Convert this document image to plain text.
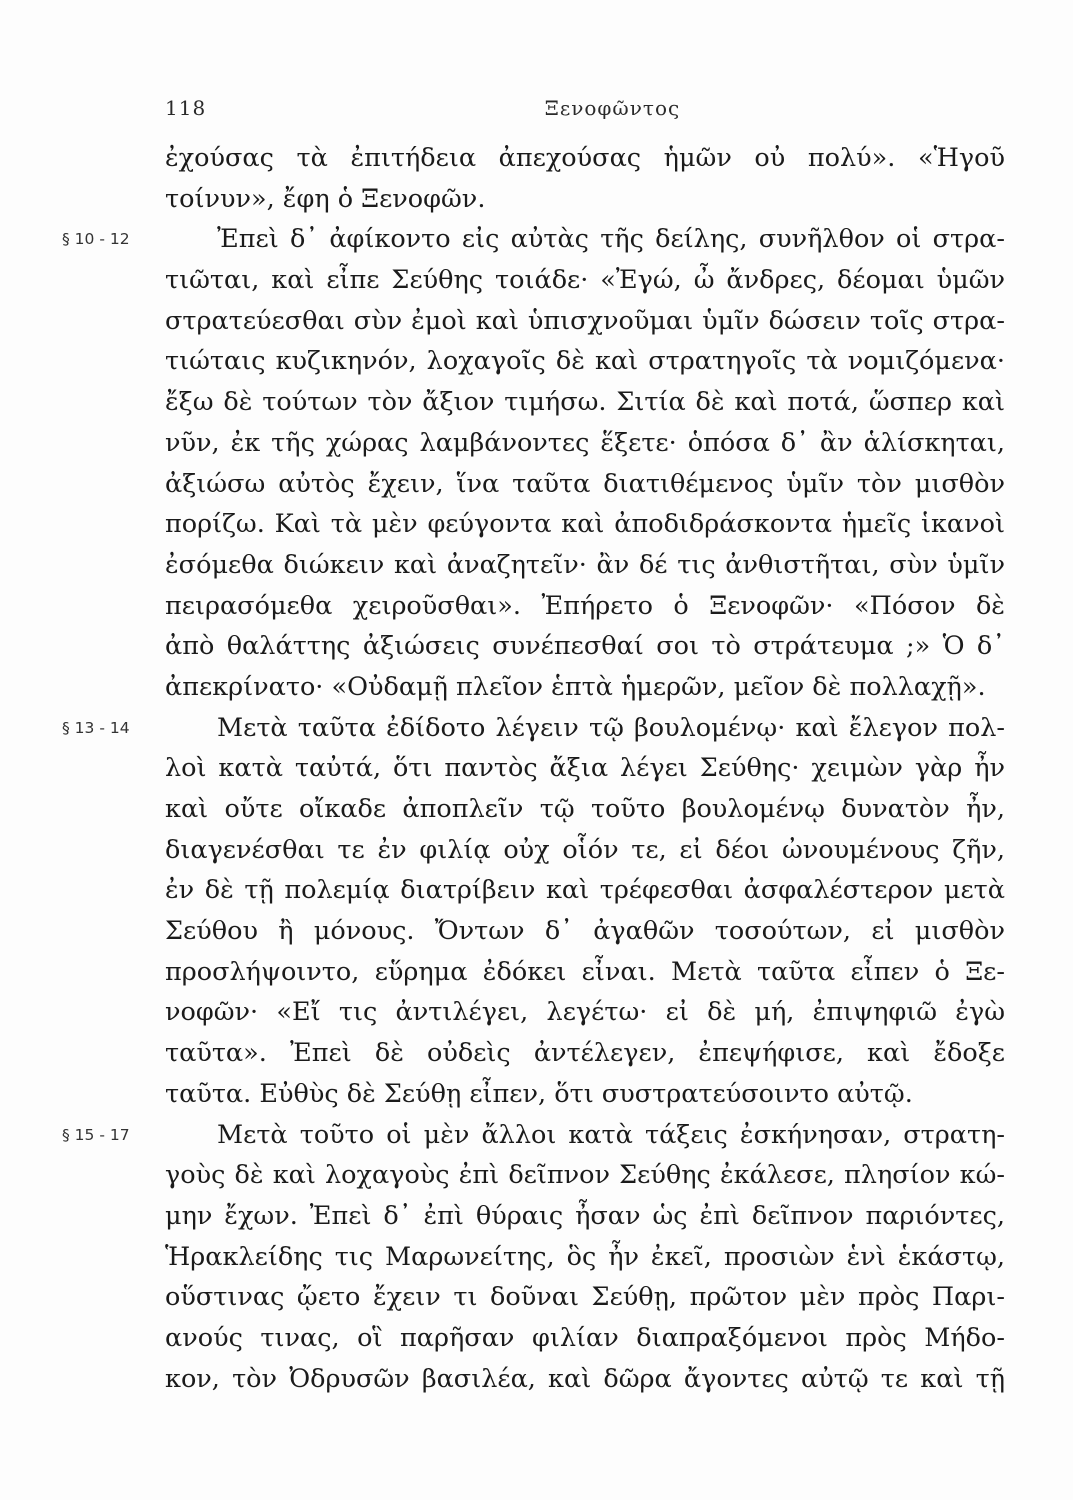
118	Ξενοφῶντος
ἐχούσας τὰ ἐπιτήδεια ἀπεχούσας ἡμῶν οὐ πολύ». «Ἡγοῦ
τοίνυν», ἔφη ὁ Ξενοφῶν.
§ 10 - 12	Ἐπεὶ δ᾽ ἀφίκοντο εἰς αὐτὰς τῆς δείλης, συνῆλθον οἱ στρα-
τιῶται, καὶ εἶπε Σεύθης τοιάδε· «Ἐγώ, ὦ ἄνδρες, δέομαι ὑμῶν
στρατεύεσθαι σὺν ἐμοὶ καὶ ὑπισχνοῦμαι ὑμῖν δώσειν τοῖς στρα-
τιώταις κυζικηνόν, λοχαγοῖς δὲ καὶ στρατηγοῖς τὰ νομιζόμενα·
ἔξω δὲ τούτων τὸν ἄξιον τιμήσω. Σιτία δὲ καὶ ποτά, ὥσπερ καὶ
νῦν, ἐκ τῆς χώρας λαμβάνοντες ἕξετε· ὁπόσα δ᾽ ἂν ἁλίσκηται,
ἀξιώσω αὐτὸς ἔχειν, ἵνα ταῦτα διατιθέμενος ὑμῖν τὸν μισθὸν
πορίζω. Καὶ τὰ μὲν φεύγοντα καὶ ἀποδιδράσκοντα ἡμεῖς ἱκανοὶ
ἐσόμεθα διώκειν καὶ ἀναζητεῖν· ἂν δέ τις ἀνθιστῆται, σὺν ὑμῖν
πειρασόμεθα χειροῦσθαι». Ἐπήρετο ὁ Ξενοφῶν· «Πόσον δὲ
ἀπὸ θαλάττης ἀξιώσεις συνέπεσθαί σοι τὸ στράτευμα ;» Ὁ δ᾽
ἀπεκρίνατο· «Οὐδαμῇ πλεῖον ἑπτὰ ἡμερῶν, μεῖον δὲ πολλαχῇ».
§ 13 - 14	Μετὰ ταῦτα ἐδίδοτο λέγειν τῷ βουλομένῳ· καὶ ἔλεγον πολ-
λοὶ κατὰ ταὐτά, ὅτι παντὸς ἄξια λέγει Σεύθης· χειμὼν γὰρ ἦν
καὶ οὔτε οἴκαδε ἀποπλεῖν τῷ τοῦτο βουλομένῳ δυνατὸν ἦν,
διαγενέσθαι τε ἐν φιλίᾳ οὐχ οἷόν τε, εἰ δέοι ὠνουμένους ζῆν,
ἐν δὲ τῇ πολεμίᾳ διατρίβειν καὶ τρέφεσθαι ἀσφαλέστερον μετὰ
Σεύθου ἢ μόνους. Ὄντων δ᾽ ἀγαθῶν τοσούτων, εἰ μισθὸν
προσλήψοιντο, εὕρημα ἐδόκει εἶναι. Μετὰ ταῦτα εἶπεν ὁ Ξε-
νοφῶν· «Εἴ τις ἀντιλέγει, λεγέτω· εἰ δὲ μή, ἐπιψηφιῶ ἐγὼ
ταῦτα». Ἐπεὶ δὲ οὐδεὶς ἀντέλεγεν, ἐπεψήφισε, καὶ ἔδοξε
ταῦτα. Εὐθὺς δὲ Σεύθῃ εἶπεν, ὅτι συστρατεύσοιντο αὐτῷ.
§ 15 - 17	Μετὰ τοῦτο οἱ μὲν ἄλλοι κατὰ τάξεις ἐσκήνησαν, στρατη-
γοὺς δὲ καὶ λοχαγοὺς ἐπὶ δεῖπνον Σεύθης ἐκάλεσε, πλησίον κώ-
μην ἔχων. Ἐπεὶ δ᾽ ἐπὶ θύραις ἦσαν ὡς ἐπὶ δεῖπνον παριόντες,
Ἡρακλείδης τις Μαρωνείτης, ὃς ἦν ἐκεῖ, προσιὼν ἑνὶ ἑκάστῳ,
οὕστινας ᾤετο ἔχειν τι δοῦναι Σεύθῃ, πρῶτον μὲν πρὸς Παρι-
ανούς τινας, οἳ παρῆσαν φιλίαν διαπραξόμενοι πρὸς Μήδο-
κον, τὸν Ὀδρυσῶν βασιλέα, καὶ δῶρα ἄγοντες αὐτῷ τε καὶ τῇ
